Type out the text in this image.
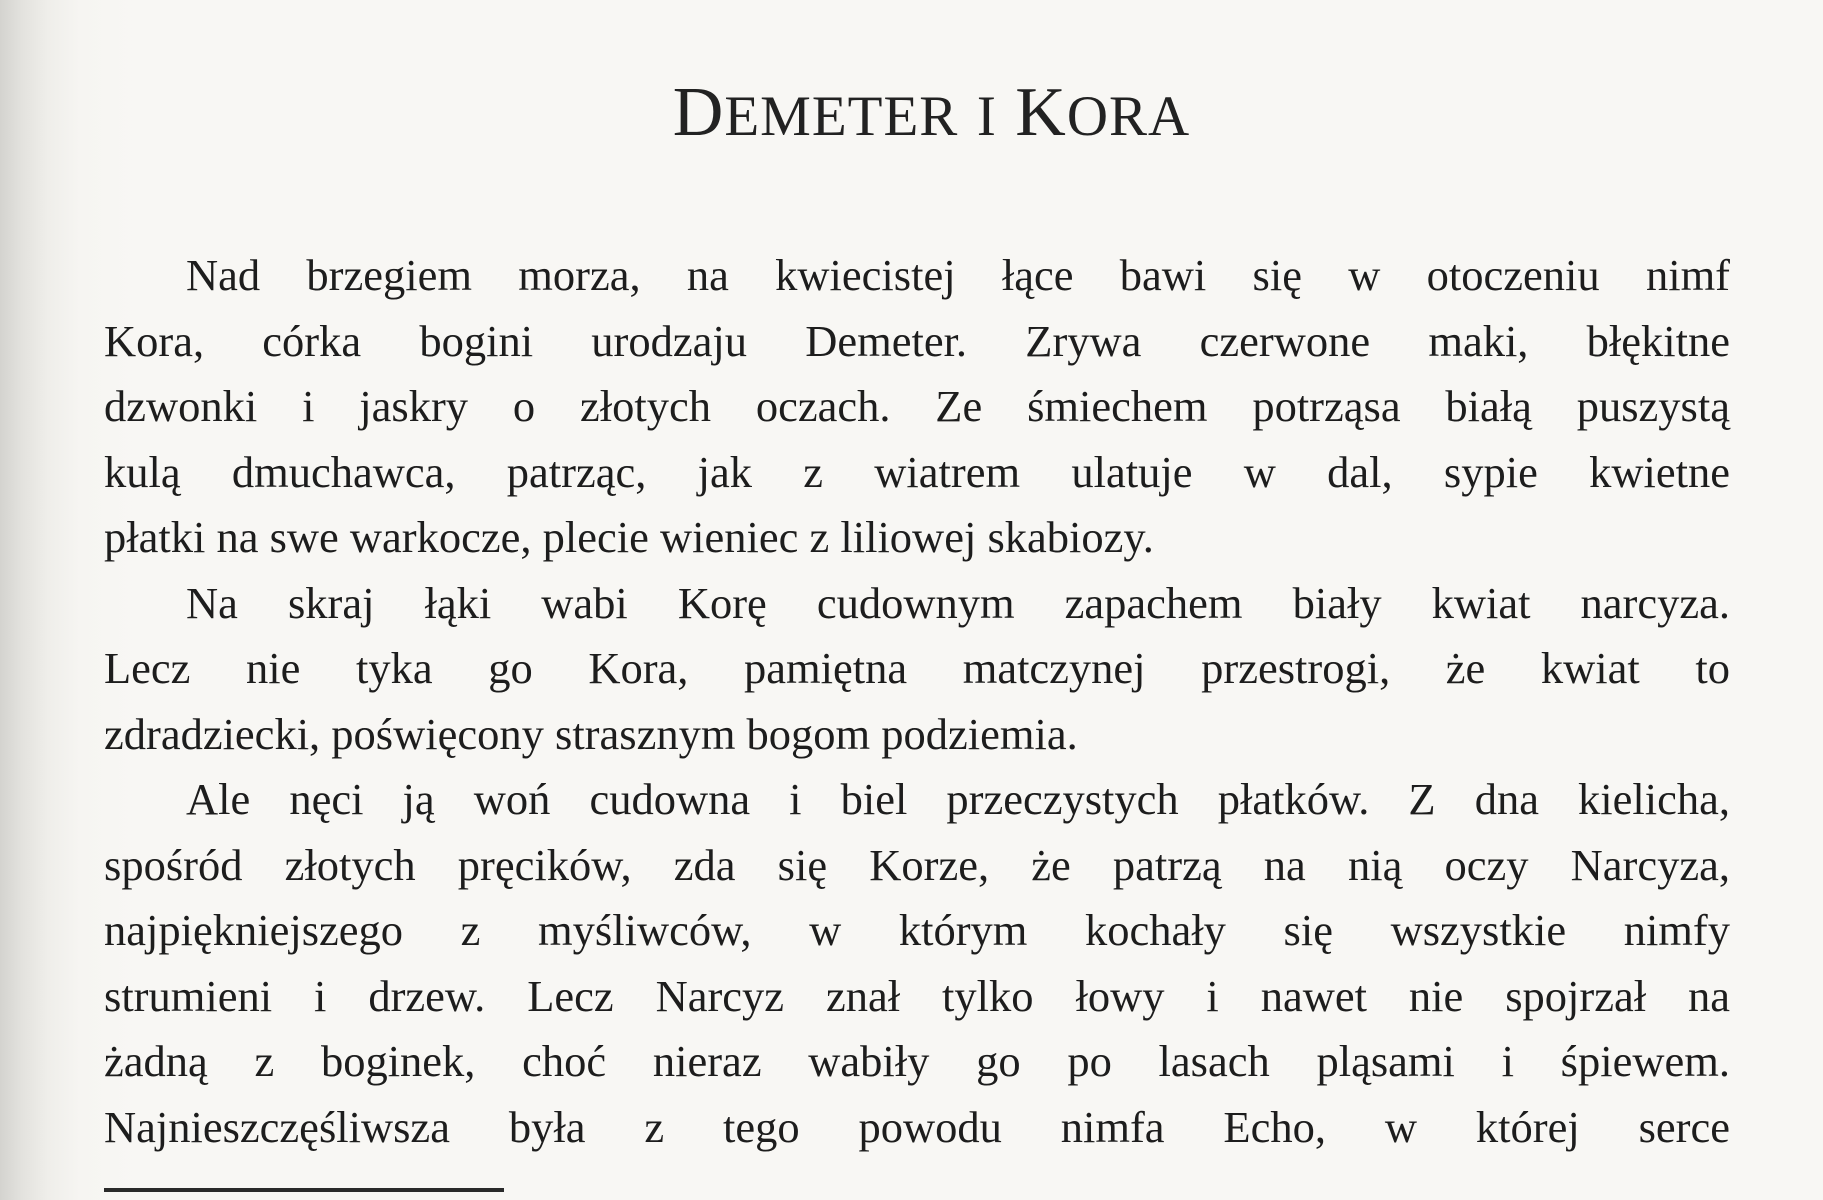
DEMETER I KORA
Nad brzegiem morza, na kwiecistej łące bawi się w otoczeniu nimf
Kora, córka bogini urodzaju Demeter. Zrywa czerwone maki, błękitne
dzwonki i jaskry o złotych oczach. Ze śmiechem potrząsa białą puszystą
kulą dmuchawca, patrząc, jak z wiatrem ulatuje w dal, sypie kwietne
płatki na swe warkocze, plecie wieniec z liliowej skabiozy.
Na skraj łąki wabi Korę cudownym zapachem biały kwiat narcyza.
Lecz nie tyka go Kora, pamiętna matczynej przestrogi, że kwiat to
zdradziecki, poświęcony strasznym bogom podziemia.
Ale nęci ją woń cudowna i biel przeczystych płatków. Z dna kielicha,
spośród złotych pręcików, zda się Korze, że patrzą na nią oczy Narcyza,
najpiękniejszego z myśliwców, w którym kochały się wszystkie nimfy
strumieni i drzew. Lecz Narcyz znał tylko łowy i nawet nie spojrzał na
żadną z boginek, choć nieraz wabiły go po lasach pląsami i śpiewem.
Najnieszczęśliwsza była z tego powodu nimfa Echo, w której serce
